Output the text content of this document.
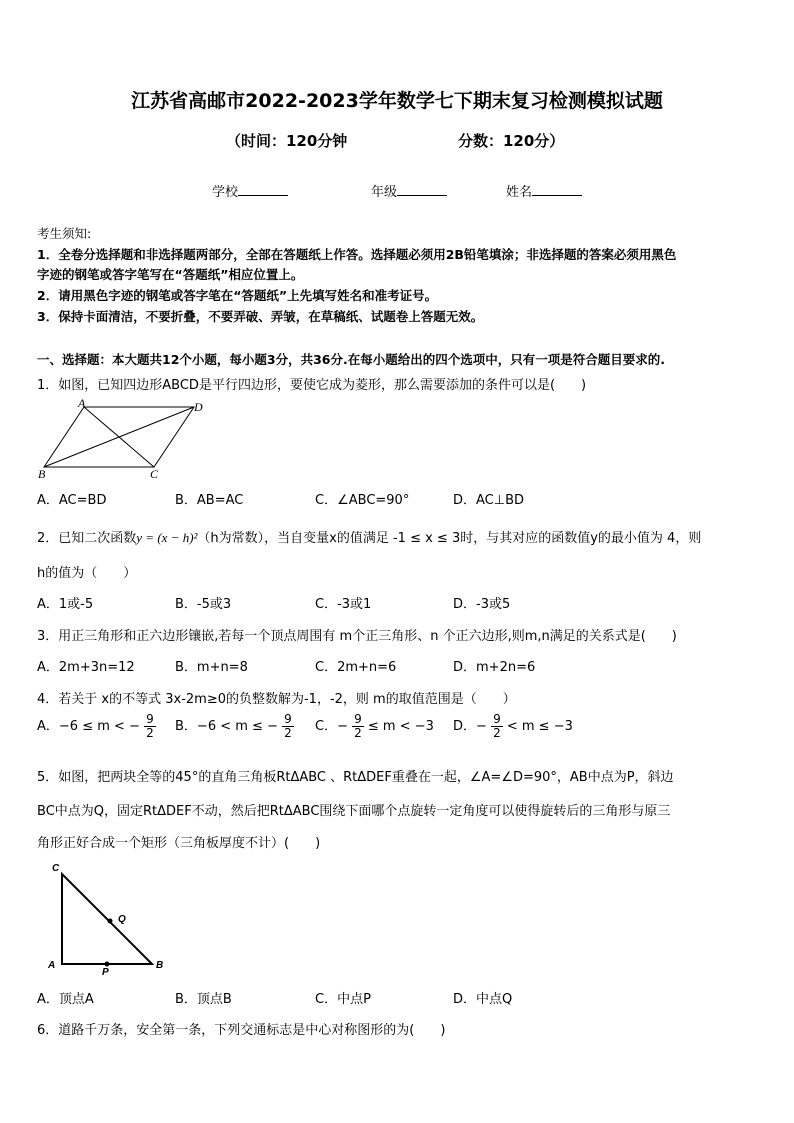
江苏省高邮市2022-2023学年数学七下期末复习检测模拟试题
（时间：120分钟	分数：120分）
学校	年级	姓名
考生须知:
1．全卷分选择题和非选择题两部分，全部在答题纸上作答。选择题必须用2B铅笔填涂；非选择题的答案必须用黑色
字迹的钢笔或答字笔写在“答题纸”相应位置上。
2．请用黑色字迹的钢笔或答字笔在“答题纸”上先填写姓名和准考证号。
3．保持卡面清洁，不要折叠，不要弄破、弄皱，在草稿纸、试题卷上答题无效。
一、选择题：本大题共12个小题，每小题3分，共36分.在每小题给出的四个选项中，只有一项是符合题目要求的.
1．如图，已知四边形ABCD是平行四边形，要使它成为菱形，那么需要添加的条件可以是(　　)
A	D
B	C
A．AC=BD	B．AB=AC	C．∠ABC=90°	D．AC⊥BD
2．已知二次函数y = (x − h)²（h为常数），当自变量x的值满足 -1 ≤ x ≤ 3时，与其对应的函数值y的最小值为 4，则
h的值为（　　）
A．1或-5	B．-5或3	C．-3或1	D．-3或5
3．用正三角形和正六边形镶嵌,若每一个顶点周围有 m个正三角形、n 个正六边形,则m,n满足的关系式是(　　)
A．2m+3n=12	B．m+n=8	C．2m+n=6	D．m+2n=6
4．若关于 x的不等式 3x-2m≥0的负整数解为-1，-2，则 m的取值范围是（　　）
A．−6 ≤ m < − $\frac{9}{2}$ B．−6 < m ≤ − $\frac{9}{2}$ C．− $\frac{9}{2} \le m < -3$ D．− $\frac{9}{2} < m \le -3$
5．如图，把两块全等的45°的直角三角板RtΔABC 、RtΔDEF重叠在一起，∠A=∠D=90°，AB中点为P，斜边
BC中点为Q，固定RtΔDEF不动，然后把RtΔABC围绕下面哪个点旋转一定角度可以使得旋转后的三角形与原三
角形正好合成一个矩形（三角板厚度不计）(　　)
C
Q
A
P
B
A．顶点A	B．顶点B	C．中点P	D．中点Q
6．道路千万条，安全第一条，下列交通标志是中心对称图形的为(　　)
